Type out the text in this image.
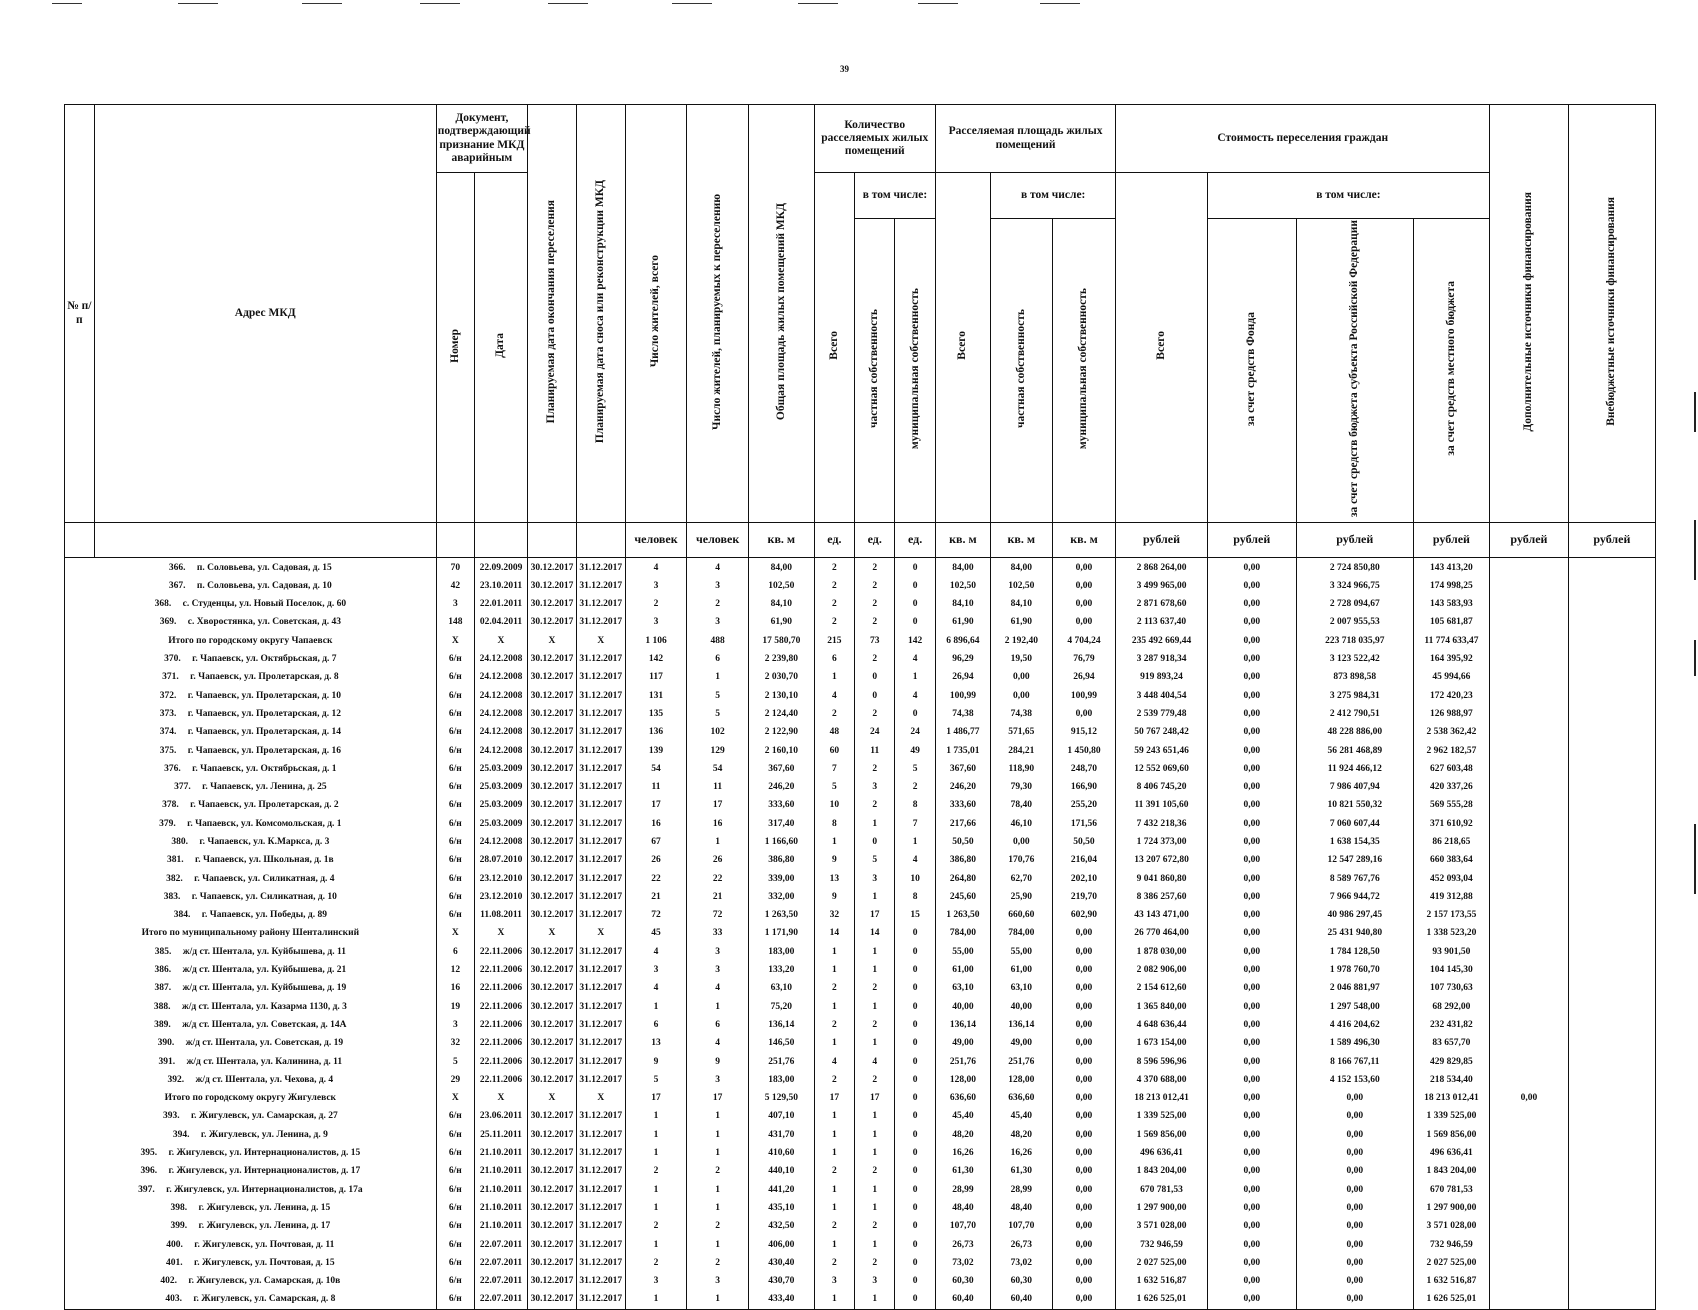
39
№ п/п	Адрес МКД	Документ, подтверждающий признание МКД аварийным		Планируемая дата окончания переселения	Планируемая дата сноса или реконструкции МКД	Число жителей, всего	Число жителей, планируемых к переселению	Общая площадь жилых помещений МКД	Количество расселяемых жилых помещений			Расселяемая площадь жилых помещений			Стоимость переселения граждан				Дополнительные источники финансирования	Внебюджетные источники финансирования
		Номер	Дата						Всего	в том числе:		Всего	в том числе:		Всего	в том числе:				
										частная собственность	муниципальная собственность		частная собственность	муниципальная собственность		за счет средств Фонда	за счет средств бюджета субъекта Российской Федерации	за счет средств местного бюджета		
						человек	человек	кв. м	ед.	ед.	ед.	кв. м	кв. м	кв. м	рублей	рублей	рублей	рублей	рублей	рублей
366. п. Соловьева, ул. Садовая, д. 15		70	22.09.2009	30.12.2017	31.12.2017	4	4	84,00	2	2	0	84,00	84,00	0,00	2 868 264,00	0,00	2 724 850,80	143 413,20		
367. п. Соловьева, ул. Садовая, д. 10		42	23.10.2011	30.12.2017	31.12.2017	3	3	102,50	2	2	0	102,50	102,50	0,00	3 499 965,00	0,00	3 324 966,75	174 998,25		
368. с. Студенцы, ул. Новый Поселок, д. 60		3	22.01.2011	30.12.2017	31.12.2017	2	2	84,10	2	2	0	84,10	84,10	0,00	2 871 678,60	0,00	2 728 094,67	143 583,93		
369. с. Хворостянка, ул. Советская, д. 43		148	02.04.2011	30.12.2017	31.12.2017	3	3	61,90	2	2	0	61,90	61,90	0,00	2 113 637,40	0,00	2 007 955,53	105 681,87		
Итого по городскому округу Чапаевск		Х	Х	Х	Х	1 106	488	17 580,70	215	73	142	6 896,64	2 192,40	4 704,24	235 492 669,44	0,00	223 718 035,97	11 774 633,47		
370. г. Чапаевск, ул. Октябрьская, д. 7		6/н	24.12.2008	30.12.2017	31.12.2017	142	6	2 239,80	6	2	4	96,29	19,50	76,79	3 287 918,34	0,00	3 123 522,42	164 395,92		
371. г. Чапаевск, ул. Пролетарская, д. 8		6/н	24.12.2008	30.12.2017	31.12.2017	117	1	2 030,70	1	0	1	26,94	0,00	26,94	919 893,24	0,00	873 898,58	45 994,66		
372. г. Чапаевск, ул. Пролетарская, д. 10		6/н	24.12.2008	30.12.2017	31.12.2017	131	5	2 130,10	4	0	4	100,99	0,00	100,99	3 448 404,54	0,00	3 275 984,31	172 420,23		
373. г. Чапаевск, ул. Пролетарская, д. 12		6/н	24.12.2008	30.12.2017	31.12.2017	135	5	2 124,40	2	2	0	74,38	74,38	0,00	2 539 779,48	0,00	2 412 790,51	126 988,97		
374. г. Чапаевск, ул. Пролетарская, д. 14		6/н	24.12.2008	30.12.2017	31.12.2017	136	102	2 122,90	48	24	24	1 486,77	571,65	915,12	50 767 248,42	0,00	48 228 886,00	2 538 362,42		
375. г. Чапаевск, ул. Пролетарская, д. 16		6/н	24.12.2008	30.12.2017	31.12.2017	139	129	2 160,10	60	11	49	1 735,01	284,21	1 450,80	59 243 651,46	0,00	56 281 468,89	2 962 182,57		
376. г. Чапаевск, ул. Октябрьская, д. 1		6/н	25.03.2009	30.12.2017	31.12.2017	54	54	367,60	7	2	5	367,60	118,90	248,70	12 552 069,60	0,00	11 924 466,12	627 603,48		
377. г. Чапаевск, ул. Ленина, д. 25		6/н	25.03.2009	30.12.2017	31.12.2017	11	11	246,20	5	3	2	246,20	79,30	166,90	8 406 745,20	0,00	7 986 407,94	420 337,26		
378. г. Чапаевск, ул. Пролетарская, д. 2		6/н	25.03.2009	30.12.2017	31.12.2017	17	17	333,60	10	2	8	333,60	78,40	255,20	11 391 105,60	0,00	10 821 550,32	569 555,28		
379. г. Чапаевск, ул. Комсомольская, д. 1		6/н	25.03.2009	30.12.2017	31.12.2017	16	16	317,40	8	1	7	217,66	46,10	171,56	7 432 218,36	0,00	7 060 607,44	371 610,92		
380. г. Чапаевск, ул. К.Маркса, д. 3		6/н	24.12.2008	30.12.2017	31.12.2017	67	1	1 166,60	1	0	1	50,50	0,00	50,50	1 724 373,00	0,00	1 638 154,35	86 218,65		
381. г. Чапаевск, ул. Школьная, д. 1в		6/н	28.07.2010	30.12.2017	31.12.2017	26	26	386,80	9	5	4	386,80	170,76	216,04	13 207 672,80	0,00	12 547 289,16	660 383,64		
382. г. Чапаевск, ул. Силикатная, д. 4		6/н	23.12.2010	30.12.2017	31.12.2017	22	22	339,00	13	3	10	264,80	62,70	202,10	9 041 860,80	0,00	8 589 767,76	452 093,04		
383. г. Чапаевск, ул. Силикатная, д. 10		6/н	23.12.2010	30.12.2017	31.12.2017	21	21	332,00	9	1	8	245,60	25,90	219,70	8 386 257,60	0,00	7 966 944,72	419 312,88		
384. г. Чапаевск, ул. Победы, д. 89		6/н	11.08.2011	30.12.2017	31.12.2017	72	72	1 263,50	32	17	15	1 263,50	660,60	602,90	43 143 471,00	0,00	40 986 297,45	2 157 173,55		
Итого по муниципальному району Шенталинский		Х	Х	Х	Х	45	33	1 171,90	14	14	0	784,00	784,00	0,00	26 770 464,00	0,00	25 431 940,80	1 338 523,20		
385. ж/д ст. Шентала, ул. Куйбышева, д. 11		6	22.11.2006	30.12.2017	31.12.2017	4	3	183,00	1	1	0	55,00	55,00	0,00	1 878 030,00	0,00	1 784 128,50	93 901,50		
386. ж/д ст. Шентала, ул. Куйбышева, д. 21		12	22.11.2006	30.12.2017	31.12.2017	3	3	133,20	1	1	0	61,00	61,00	0,00	2 082 906,00	0,00	1 978 760,70	104 145,30		
387. ж/д ст. Шентала, ул. Куйбышева, д. 19		16	22.11.2006	30.12.2017	31.12.2017	4	4	63,10	2	2	0	63,10	63,10	0,00	2 154 612,60	0,00	2 046 881,97	107 730,63		
388. ж/д ст. Шентала, ул. Казарма 1130, д. 3		19	22.11.2006	30.12.2017	31.12.2017	1	1	75,20	1	1	0	40,00	40,00	0,00	1 365 840,00	0,00	1 297 548,00	68 292,00		
389. ж/д ст. Шентала, ул. Советская, д. 14А		3	22.11.2006	30.12.2017	31.12.2017	6	6	136,14	2	2	0	136,14	136,14	0,00	4 648 636,44	0,00	4 416 204,62	232 431,82		
390. ж/д ст. Шентала, ул. Советская, д. 19		32	22.11.2006	30.12.2017	31.12.2017	13	4	146,50	1	1	0	49,00	49,00	0,00	1 673 154,00	0,00	1 589 496,30	83 657,70		
391. ж/д ст. Шентала, ул. Калинина, д. 11		5	22.11.2006	30.12.2017	31.12.2017	9	9	251,76	4	4	0	251,76	251,76	0,00	8 596 596,96	0,00	8 166 767,11	429 829,85		
392. ж/д ст. Шентала, ул. Чехова, д. 4		29	22.11.2006	30.12.2017	31.12.2017	5	3	183,00	2	2	0	128,00	128,00	0,00	4 370 688,00	0,00	4 152 153,60	218 534,40		
Итого по городскому округу Жигулевск		Х	Х	Х	Х	17	17	5 129,50	17	17	0	636,60	636,60	0,00	18 213 012,41	0,00	0,00	18 213 012,41	0,00	
393. г. Жигулевск, ул. Самарская, д. 27		6/н	23.06.2011	30.12.2017	31.12.2017	1	1	407,10	1	1	0	45,40	45,40	0,00	1 339 525,00	0,00	0,00	1 339 525,00		
394. г. Жигулевск, ул. Ленина, д. 9		6/н	25.11.2011	30.12.2017	31.12.2017	1	1	431,70	1	1	0	48,20	48,20	0,00	1 569 856,00	0,00	0,00	1 569 856,00		
395. г. Жигулевск, ул. Интернационалистов, д. 15		6/н	21.10.2011	30.12.2017	31.12.2017	1	1	410,60	1	1	0	16,26	16,26	0,00	496 636,41	0,00	0,00	496 636,41		
396. г. Жигулевск, ул. Интернационалистов, д. 17		6/н	21.10.2011	30.12.2017	31.12.2017	2	2	440,10	2	2	0	61,30	61,30	0,00	1 843 204,00	0,00	0,00	1 843 204,00		
397. г. Жигулевск, ул. Интернационалистов, д. 17а		6/н	21.10.2011	30.12.2017	31.12.2017	1	1	441,20	1	1	0	28,99	28,99	0,00	670 781,53	0,00	0,00	670 781,53		
398. г. Жигулевск, ул. Ленина, д. 15		6/н	21.10.2011	30.12.2017	31.12.2017	1	1	435,10	1	1	0	48,40	48,40	0,00	1 297 900,00	0,00	0,00	1 297 900,00		
399. г. Жигулевск, ул. Ленина, д. 17		6/н	21.10.2011	30.12.2017	31.12.2017	2	2	432,50	2	2	0	107,70	107,70	0,00	3 571 028,00	0,00	0,00	3 571 028,00		
400. г. Жигулевск, ул. Почтовая, д. 11		6/н	22.07.2011	30.12.2017	31.12.2017	1	1	406,00	1	1	0	26,73	26,73	0,00	732 946,59	0,00	0,00	732 946,59		
401. г. Жигулевск, ул. Почтовая, д. 15		6/н	22.07.2011	30.12.2017	31.12.2017	2	2	430,40	2	2	0	73,02	73,02	0,00	2 027 525,00	0,00	0,00	2 027 525,00		
402. г. Жигулевск, ул. Самарская, д. 10в		6/н	22.07.2011	30.12.2017	31.12.2017	3	3	430,70	3	3	0	60,30	60,30	0,00	1 632 516,87	0,00	0,00	1 632 516,87		
403. г. Жигулевск, ул. Самарская, д. 8		6/н	22.07.2011	30.12.2017	31.12.2017	1	1	433,40	1	1	0	60,40	60,40	0,00	1 626 525,01	0,00	0,00	1 626 525,01		
